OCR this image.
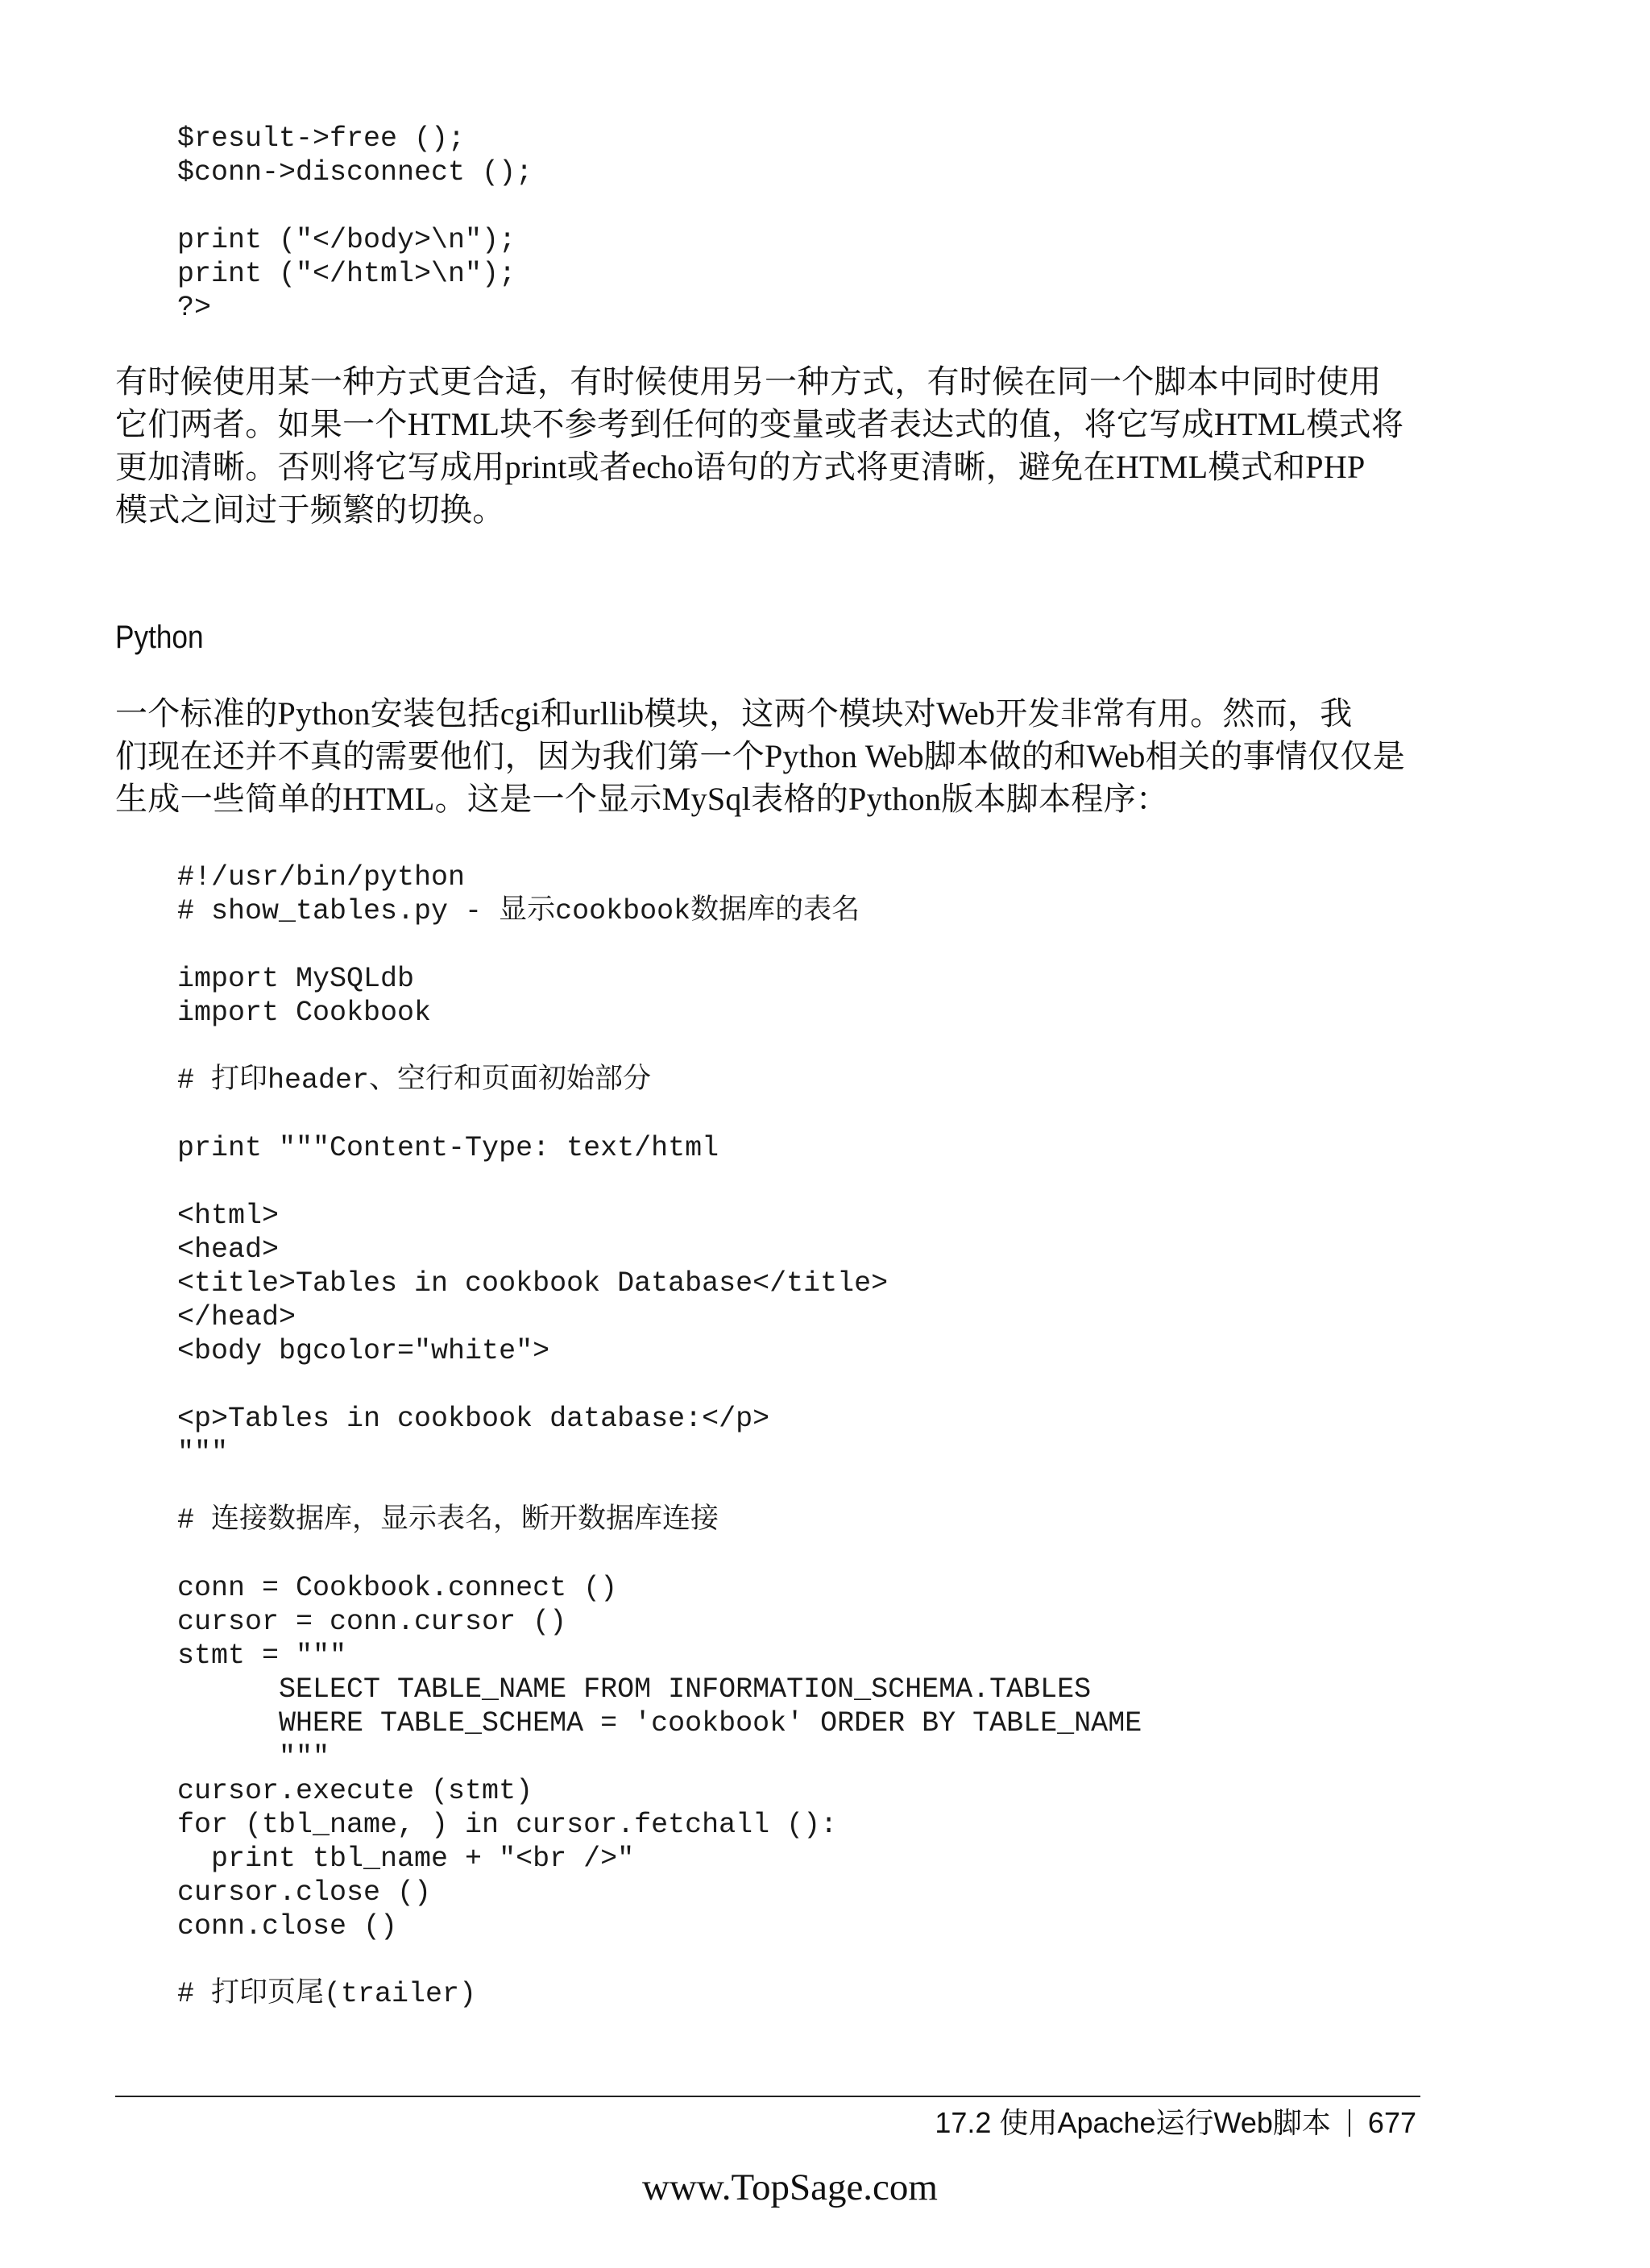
$result->free ();
$conn->disconnect ();

print ("</body>\n");
print ("</html>\n");
?>
有时候使用某一种方式更合适，有时候使用另一种方式，有时候在同一个脚本中同时使用
它们两者。如果一个HTML块不参考到任何的变量或者表达式的值，将它写成HTML模式将
更加清晰。否则将它写成用print或者echo语句的方式将更清晰，避免在HTML模式和PHP
模式之间过于频繁的切换。
Python
一个标准的Python安装包括cgi和urllib模块，这两个模块对Web开发非常有用。然而，我
们现在还并不真的需要他们，因为我们第一个Python Web脚本做的和Web相关的事情仅仅是
生成一些简单的HTML。这是一个显示MySql表格的Python版本脚本程序：
#!/usr/bin/python
# show_tables.py - 显示cookbook数据库的表名

import MySQLdb
import Cookbook

# 打印header、空行和页面初始部分

print """Content-Type: text/html

<html>
<head>
<title>Tables in cookbook Database</title>
</head>
<body bgcolor="white">

<p>Tables in cookbook database:</p>
"""

# 连接数据库，显示表名，断开数据库连接

conn = Cookbook.connect ()
cursor = conn.cursor ()
stmt = """
SELECT TABLE_NAME FROM INFORMATION_SCHEMA.TABLES
WHERE TABLE_SCHEMA = 'cookbook' ORDER BY TABLE_NAME
"""
cursor.execute (stmt)
for (tbl_name, ) in cursor.fetchall ():
print tbl_name + "<br />"
cursor.close ()
conn.close ()

# 打印页尾(trailer)
17.2 使用Apache运行Web脚本 677
www.TopSage.com
